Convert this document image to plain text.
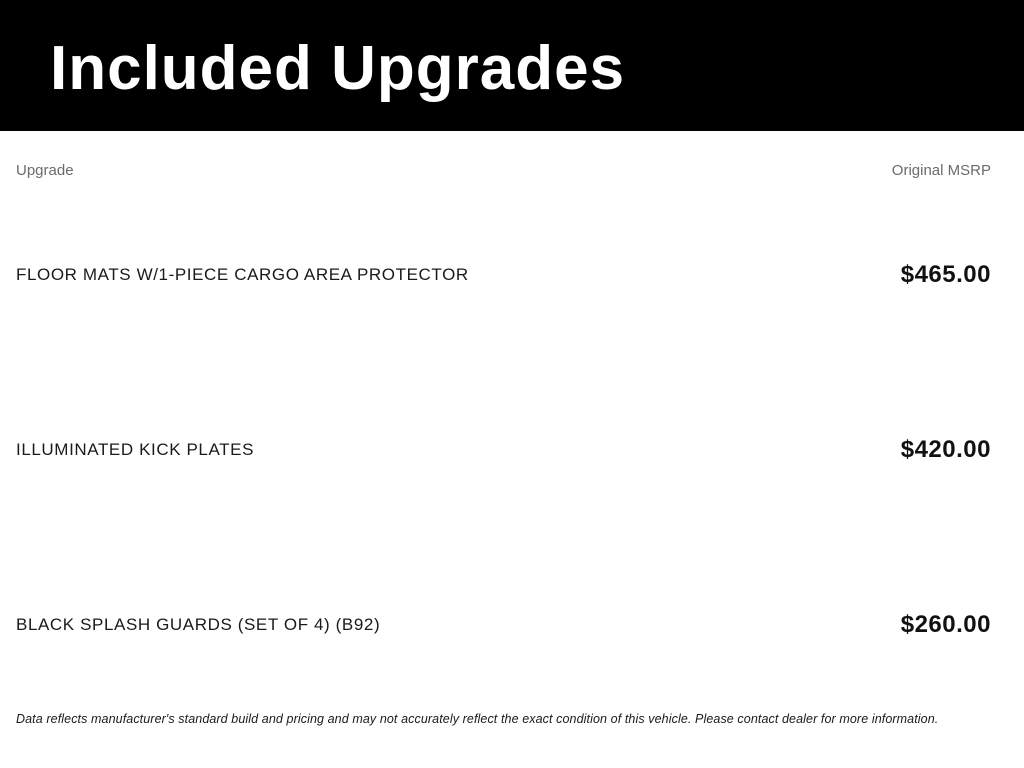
Included Upgrades
Upgrade	Original MSRP
FLOOR MATS W/1-PIECE CARGO AREA PROTECTOR	$465.00
ILLUMINATED KICK PLATES	$420.00
BLACK SPLASH GUARDS (SET OF 4) (B92)	$260.00
Data reflects manufacturer's standard build and pricing and may not accurately reflect the exact condition of this vehicle. Please contact dealer for more information.
